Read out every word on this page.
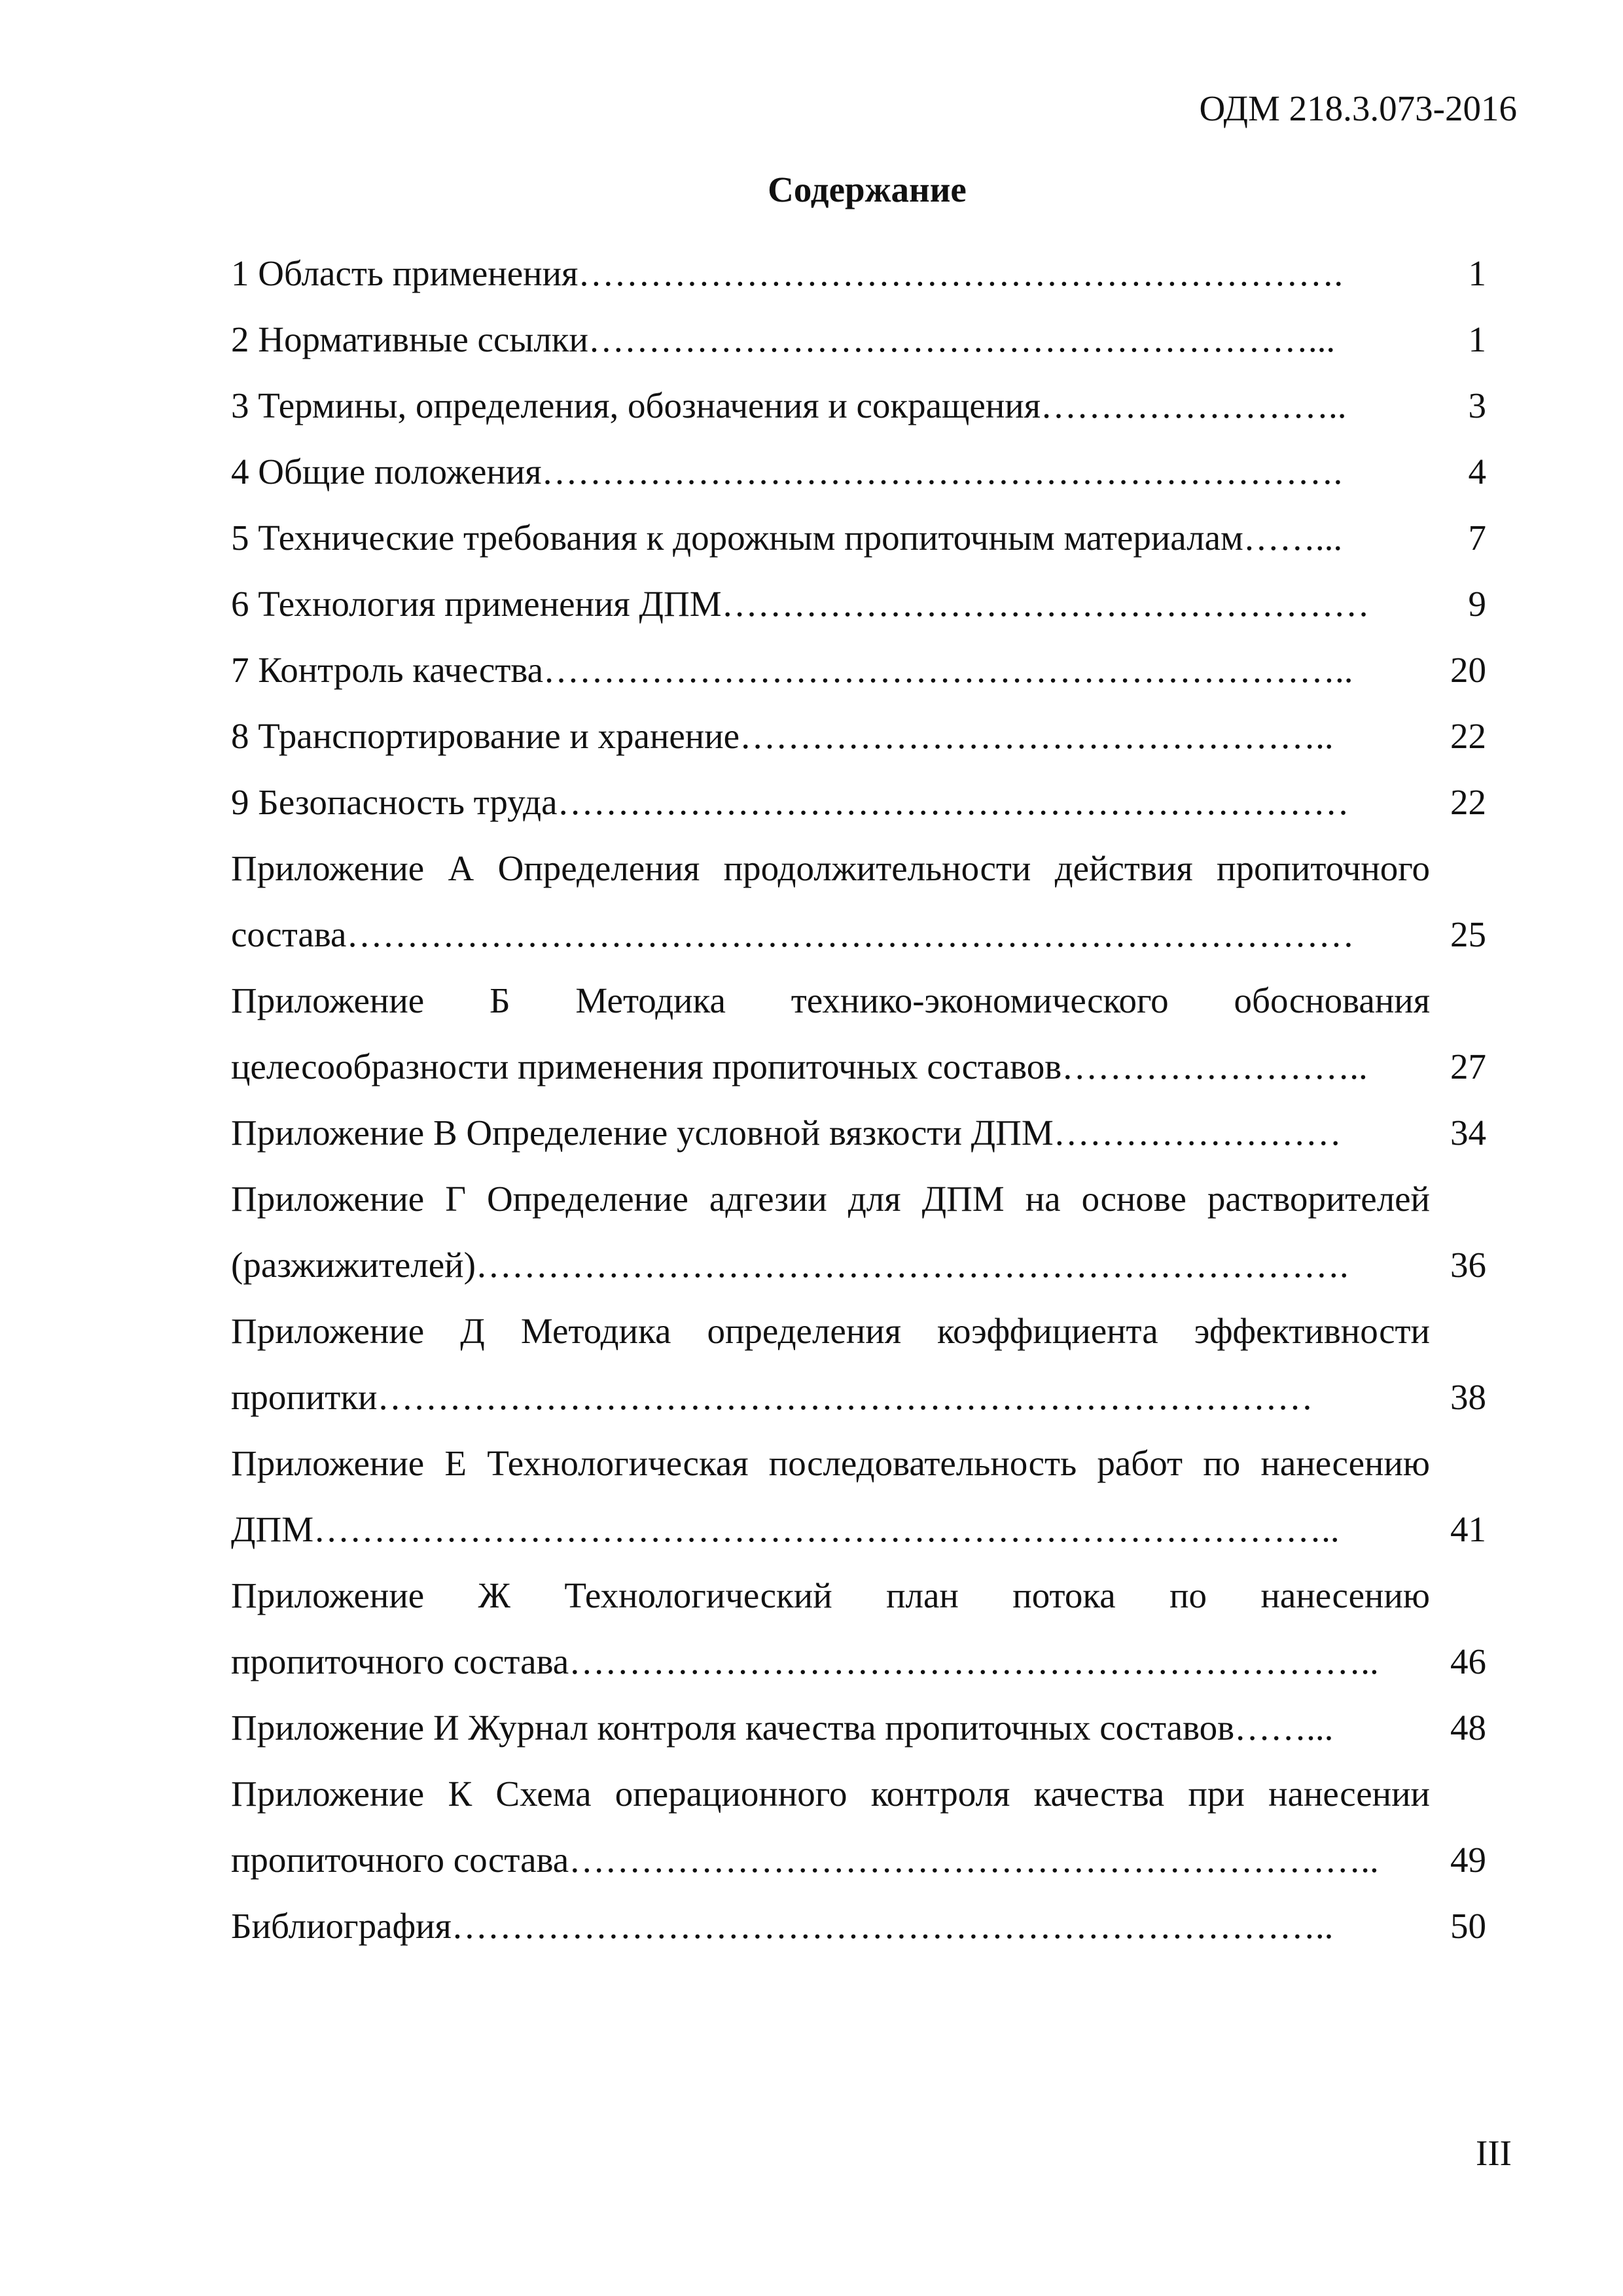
ОДМ 218.3.073-2016
Содержание
1 Область применения……………………………………………………….	1
2 Нормативные ссылки……………………………………………………...	1
3 Термины, определения, обозначения и сокращения……………………..	3
4 Общие положения………………………………………………………….	4
5 Технические требования к дорожным пропиточным материалам……...	7
6 Технология применения ДПМ………………………………………………	9
7 Контроль качества…………………………………………………………..	20
8 Транспортирование и хранение…………………………………………..	22
9 Безопасность труда…………………………………………………………	22
Приложение А Определения продолжительности действия пропиточного
состава…………………………………………………………………………	25
Приложение Б Методика технико-экономического обоснования
целесообразности применения пропиточных составов……………………..	27
Приложение В Определение условной вязкости ДПМ……………………	34
Приложение Г Определение адгезии для ДПМ на основе растворителей
(разжижителей)……………………………………………………………….	36
Приложение Д Методика определения коэффициента эффективности
пропитки……………………………………………………………………	38
Приложение Е Технологическая последовательность работ по нанесению
ДПМ…………………………………………………………………………..	41
Приложение Ж Технологический план потока по нанесению
пропиточного состава…………………………………………………………..	46
Приложение И Журнал контроля качества пропиточных составов……...	48
Приложение К Схема операционного контроля качества при нанесении
пропиточного состава…………………………………………………………..	49
Библиография………………………………………………………………..	50
III
